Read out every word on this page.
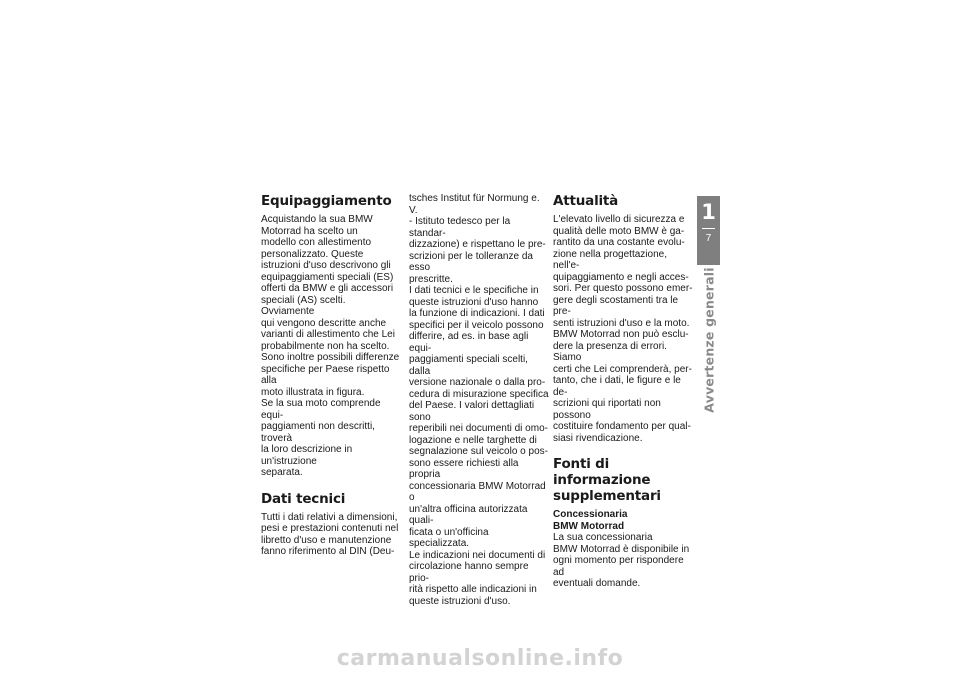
Equipaggiamento

Acquistando la sua BMW
Motorrad ha scelto un
modello con allestimento
personalizzato. Queste
istruzioni d'uso descrivono gli
equipaggiamenti speciali (ES)
offerti da BMW e gli accessori
speciali (AS) scelti. Ovviamente
qui vengono descritte anche
varianti di allestimento che Lei
probabilmente non ha scelto.
Sono inoltre possibili differenze
specifiche per Paese rispetto alla
moto illustrata in figura.

Se la sua moto comprende equi-
paggiamenti non descritti, troverà
la loro descrizione in un'istruzione
separata.

Dati tecnici

Tutti i dati relativi a dimensioni,
pesi e prestazioni contenuti nel
libretto d'uso e manutenzione
fanno riferimento al DIN (Deu-

tsches Institut für Normung e. V.
- Istituto tedesco per la standar-
dizzazione) e rispettano le pre-
scrizioni per le tolleranze da esso
prescritte.

I dati tecnici e le specifiche in
queste istruzioni d'uso hanno
la funzione di indicazioni. I dati
specifici per il veicolo possono
differire, ad es. in base agli equi-
paggiamenti speciali scelti, dalla
versione nazionale o dalla pro-
cedura di misurazione specifica
del Paese. I valori dettagliati sono
reperibili nei documenti di omo-
logazione e nelle targhette di
segnalazione sul veicolo o pos-
sono essere richiesti alla propria
concessionaria BMW Motorrad o
un'altra officina autorizzata quali-
ficata o un'officina specializzata.
Le indicazioni nei documenti di
circolazione hanno sempre prio-
rità rispetto alle indicazioni in
queste istruzioni d'uso.

Attualità

L'elevato livello di sicurezza e
qualità delle moto BMW è ga-
rantito da una costante evolu-
zione nella progettazione, nell'e-
quipaggiamento e negli acces-
sori. Per questo possono emer-
gere degli scostamenti tra le pre-
senti istruzioni d'uso e la moto.
BMW Motorrad non può esclu-
dere la presenza di errori. Siamo
certi che Lei comprenderà, per-
tanto, che i dati, le figure e le de-
scrizioni qui riportati non possono
costituire fondamento per qual-
siasi rivendicazione.

Fonti di informazione
supplementari

Concessionaria
BMW Motorrad

La sua concessionaria
BMW Motorrad è disponibile in
ogni momento per rispondere ad
eventuali domande.

1
7
Avvertenze generali
carmanualsonline.info
